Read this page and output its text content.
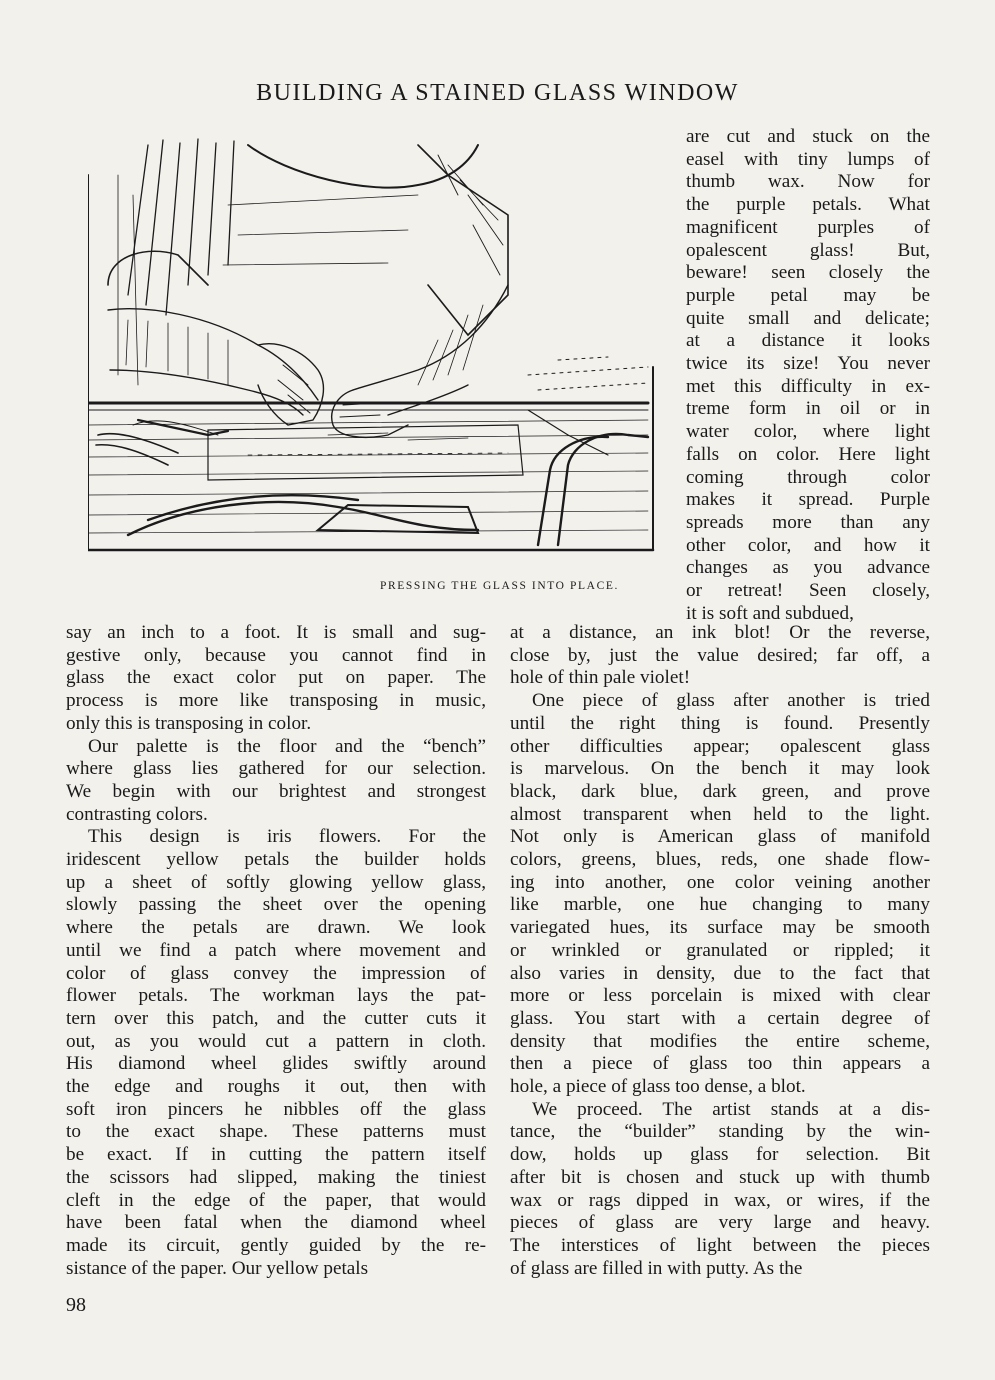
BUILDING A STAINED GLASS WINDOW
PRESSING THE GLASS INTO PLACE.
are cut and stuck on the
easel with tiny lumps of
thumb wax. Now for
the purple petals. What
magnificent purples of
opalescent glass! But,
beware! seen closely the
purple petal may be
quite small and delicate;
at a distance it looks
twice its size! You never
met this difficulty in ex-
treme form in oil or in
water color, where light
falls on color. Here light
coming through color
makes it spread. Purple
spreads more than any
other color, and how it
changes as you advance
or retreat! Seen closely,
it is soft and subdued,
say an inch to a foot. It is small and sug-
gestive only, because you cannot find in
glass the exact color put on paper. The
process is more like transposing in music,
only this is transposing in color.
Our palette is the floor and the “bench”
where glass lies gathered for our selection.
We begin with our brightest and strongest
contrasting colors.
This design is iris flowers. For the
iridescent yellow petals the builder holds
up a sheet of softly glowing yellow glass,
slowly passing the sheet over the opening
where the petals are drawn. We look
until we find a patch where movement and
color of glass convey the impression of
flower petals. The workman lays the pat-
tern over this patch, and the cutter cuts it
out, as you would cut a pattern in cloth.
His diamond wheel glides swiftly around
the edge and roughs it out, then with
soft iron pincers he nibbles off the glass
to the exact shape. These patterns must
be exact. If in cutting the pattern itself
the scissors had slipped, making the tiniest
cleft in the edge of the paper, that would
have been fatal when the diamond wheel
made its circuit, gently guided by the re-
sistance of the paper. Our yellow petals
at a distance, an ink blot! Or the reverse,
close by, just the value desired; far off, a
hole of thin pale violet!
One piece of glass after another is tried
until the right thing is found. Presently
other difficulties appear; opalescent glass
is marvelous. On the bench it may look
black, dark blue, dark green, and prove
almost transparent when held to the light.
Not only is American glass of manifold
colors, greens, blues, reds, one shade flow-
ing into another, one color veining another
like marble, one hue changing to many
variegated hues, its surface may be smooth
or wrinkled or granulated or rippled; it
also varies in density, due to the fact that
more or less porcelain is mixed with clear
glass. You start with a certain degree of
density that modifies the entire scheme,
then a piece of glass too thin appears a
hole, a piece of glass too dense, a blot.
We proceed. The artist stands at a dis-
tance, the “builder” standing by the win-
dow, holds up glass for selection. Bit
after bit is chosen and stuck up with thumb
wax or rags dipped in wax, or wires, if the
pieces of glass are very large and heavy.
The interstices of light between the pieces
of glass are filled in with putty. As the
98
